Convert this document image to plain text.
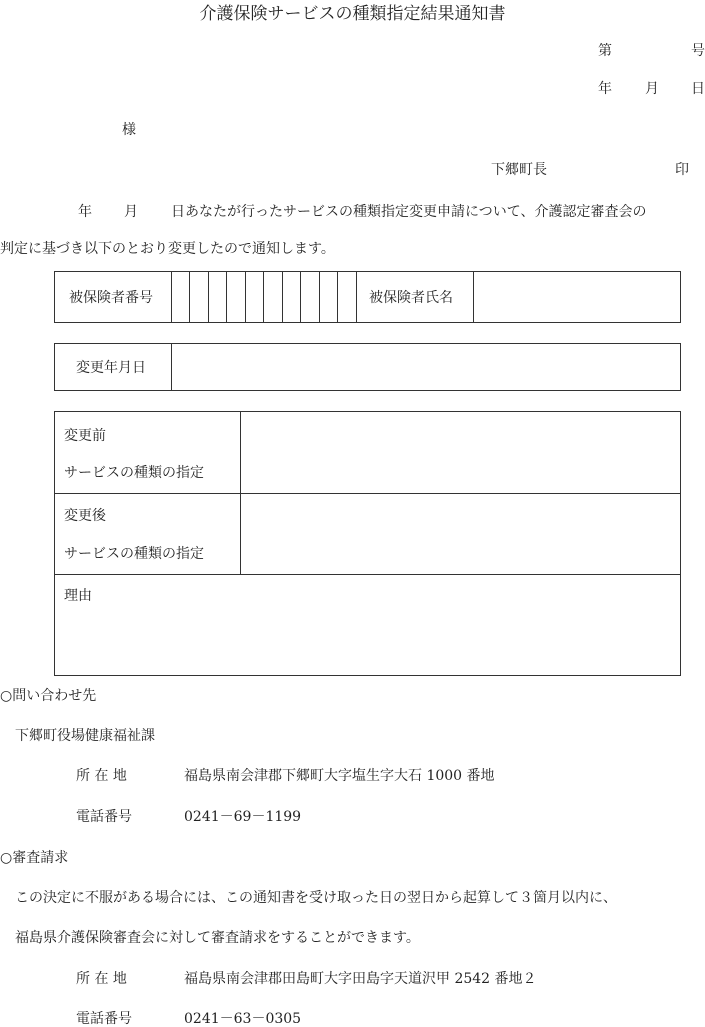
介護保険サービスの種類指定結果通知書
第	号
年 月 日
様
下郷町長	印
年 月 日あなたが行ったサービスの種類指定変更申請について、介護認定審査会の
判定に基づき以下のとおり変更したので通知します。
被保険者番号	被保険者氏名
変更年月日
変更前
サービスの種類の指定
変更後
サービスの種類の指定
理由
○問い合わせ先
下郷町役場健康福祉課
所 在 地	福島県南会津郡下郷町大字塩生字大石 1000 番地
電話番号	0241－69－1199
○審査請求
この決定に不服がある場合には、この通知書を受け取った日の翌日から起算して３箇月以内に、
福島県介護保険審査会に対して審査請求をすることができます。
所 在 地	福島県南会津郡田島町大字田島字天道沢甲 2542 番地２
電話番号	0241－63－0305
